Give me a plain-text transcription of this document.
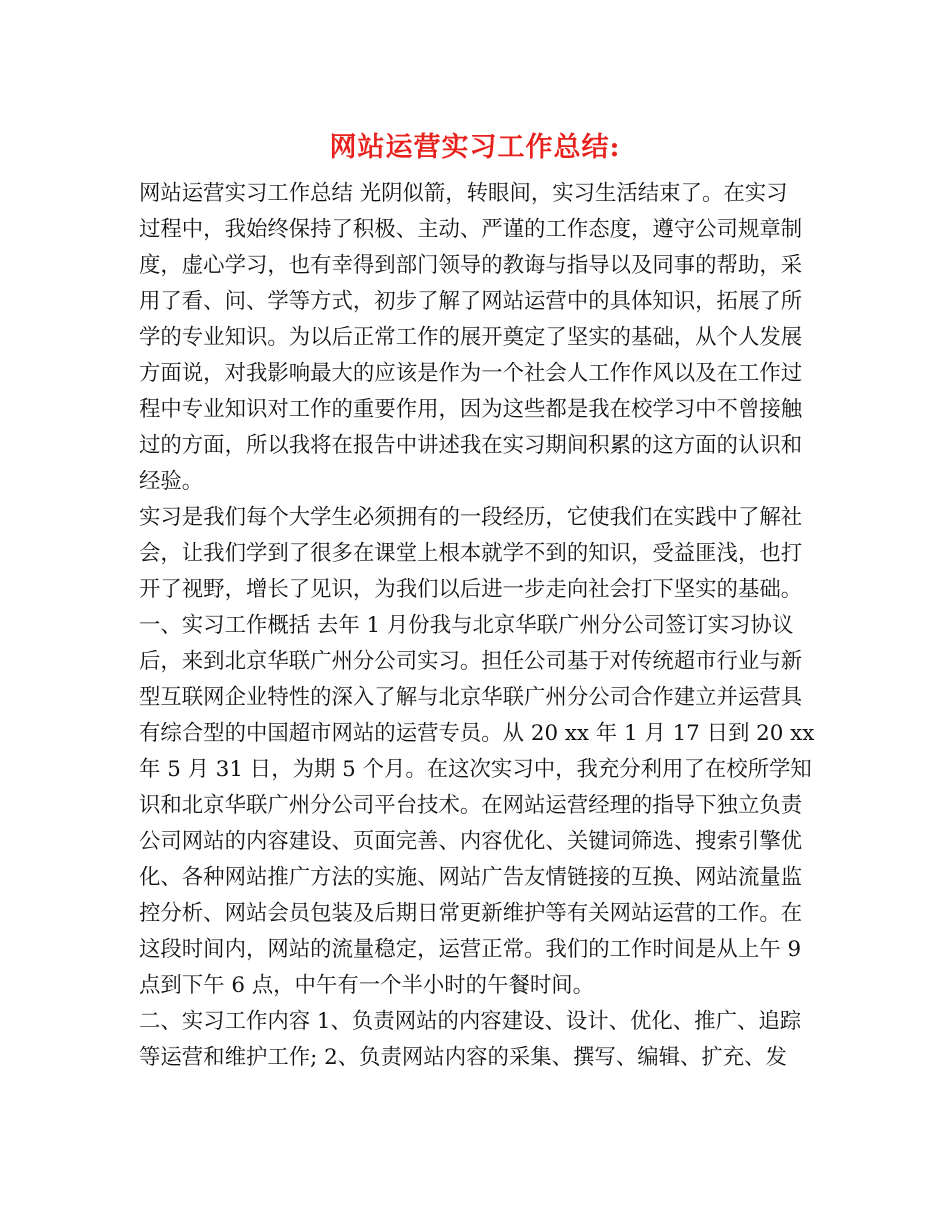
网站运营实习工作总结:
网站运营实习工作总结 光阴似箭，转眼间，实习生活结束了。在实习
过程中，我始终保持了积极、主动、严谨的工作态度，遵守公司规章制
度，虚心学习，也有幸得到部门领导的教诲与指导以及同事的帮助，采
用了看、问、学等方式，初步了解了网站运营中的具体知识，拓展了所
学的专业知识。为以后正常工作的展开奠定了坚实的基础，从个人发展
方面说，对我影响最大的应该是作为一个社会人工作作风以及在工作过
程中专业知识对工作的重要作用，因为这些都是我在校学习中不曾接触
过的方面，所以我将在报告中讲述我在实习期间积累的这方面的认识和
经验。
实习是我们每个大学生必须拥有的一段经历，它使我们在实践中了解社
会，让我们学到了很多在课堂上根本就学不到的知识，受益匪浅，也打
开了视野，增长了见识，为我们以后进一步走向社会打下坚实的基础。
一、实习工作概括 去年 1 月份我与北京华联广州分公司签订实习协议
后，来到北京华联广州分公司实习。担任公司基于对传统超市行业与新
型互联网企业特性的深入了解与北京华联广州分公司合作建立并运营具
有综合型的中国超市网站的运营专员。从 20 xx 年 1 月 17 日到 20 xx
年 5 月 31 日，为期 5 个月。在这次实习中，我充分利用了在校所学知
识和北京华联广州分公司平台技术。在网站运营经理的指导下独立负责
公司网站的内容建设、页面完善、内容优化、关键词筛选、搜索引擎优
化、各种网站推广方法的实施、网站广告友情链接的互换、网站流量监
控分析、网站会员包装及后期日常更新维护等有关网站运营的工作。在
这段时间内，网站的流量稳定，运营正常。我们的工作时间是从上午 9
点到下午 6 点，中午有一个半小时的午餐时间。
二、实习工作内容 1、负责网站的内容建设、设计、优化、推广、追踪
等运营和维护工作; 2、负责网站内容的采集、撰写、编辑、扩充、发
